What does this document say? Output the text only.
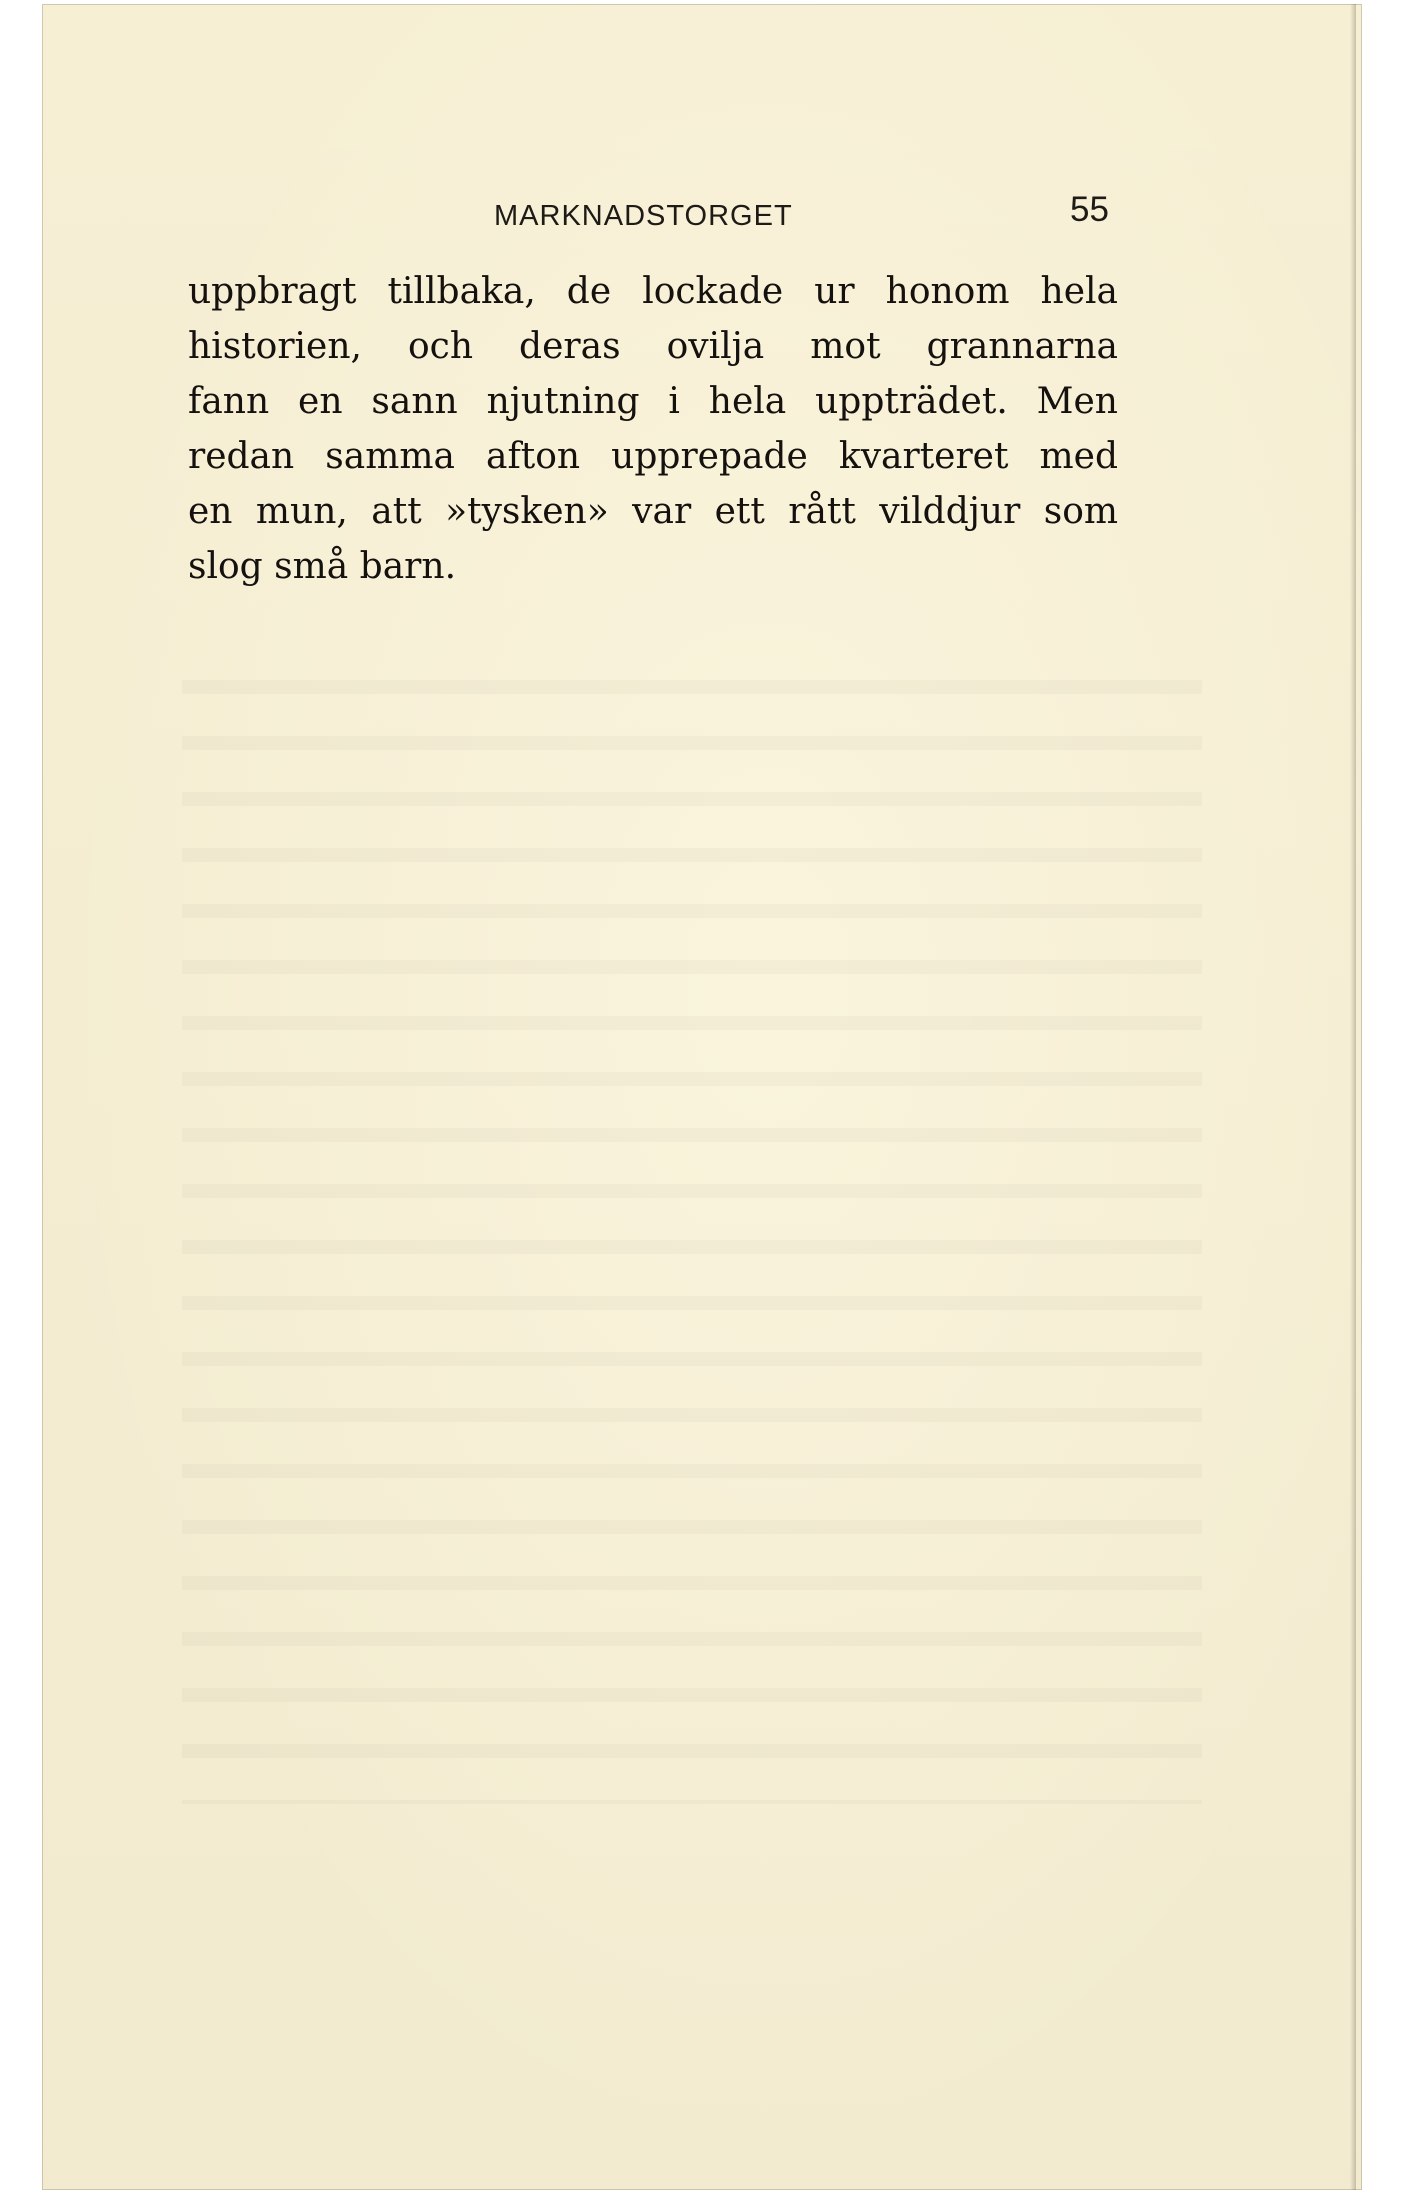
MARKNADSTORGET	55
uppbragt tillbaka, de lockade ur honom hela
historien, och deras ovilja mot grannarna
fann en sann njutning i hela uppträdet. Men
redan samma afton upprepade kvarteret med
en mun, att »tysken» var ett rått vilddjur som
slog små barn.
